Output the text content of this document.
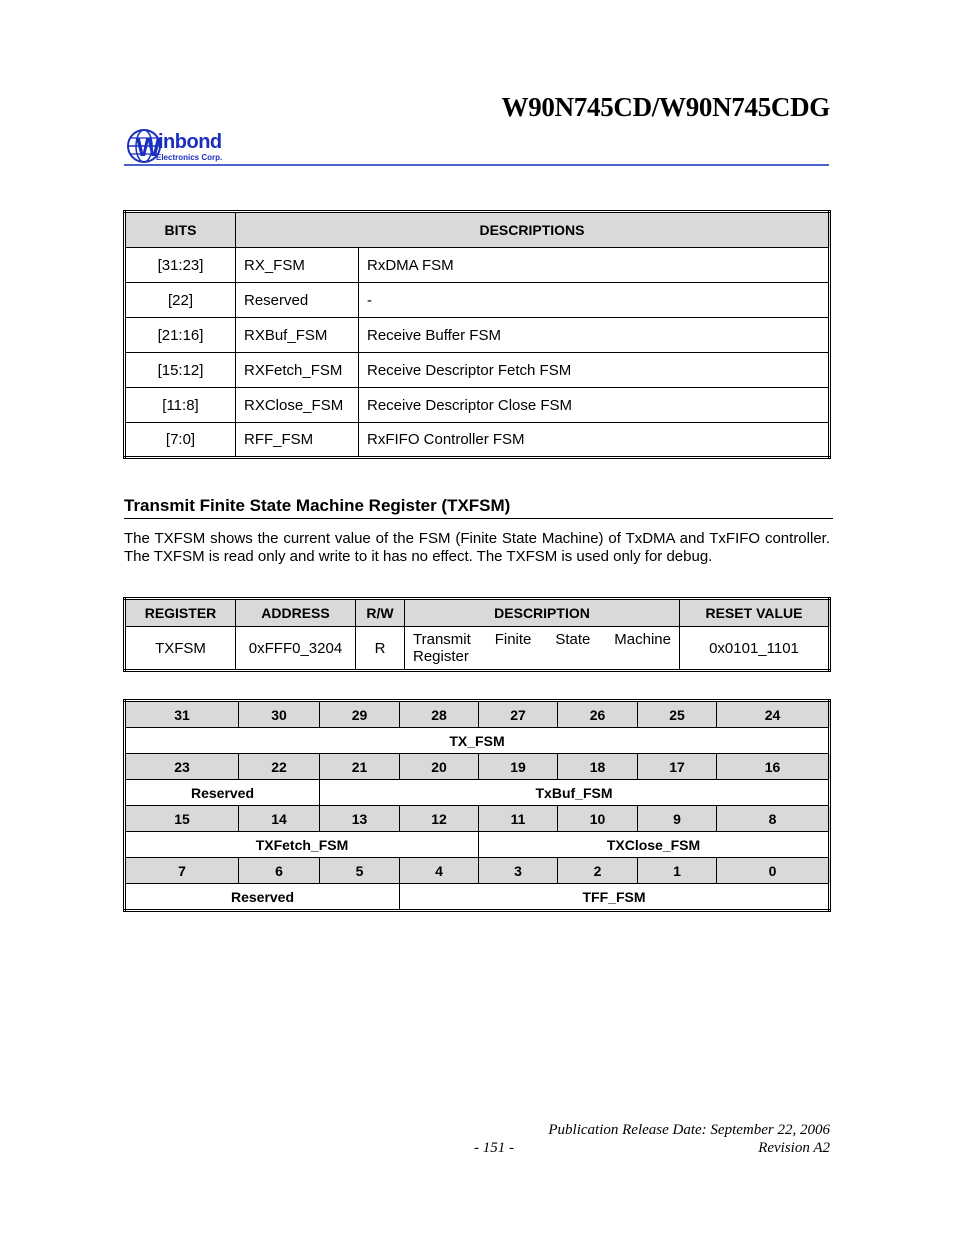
W90N745CD/W90N745CDG
W
inbond
Electronics Corp.
BITS	DESCRIPTIONS	
[31:23]	RX_FSM	RxDMA FSM
[22]	Reserved	-
[21:16]	RXBuf_FSM	Receive Buffer FSM
[15:12]	RXFetch_FSM	Receive Descriptor Fetch FSM
[11:8]	RXClose_FSM	Receive Descriptor Close FSM
[7:0]	RFF_FSM	RxFIFO Controller FSM
Transmit Finite State Machine Register (TXFSM)
The TXFSM shows the current value of the FSM (Finite State Machine) of TxDMA and TxFIFO controller. The TXFSM is read only and write to it has no effect. The TXFSM is used only for debug.
REGISTER	ADDRESS	R/W	DESCRIPTION	RESET VALUE
TXFSM	0xFFF0_3204	R	Transmit Finite State Machine Register	0x0101_1101
31	30	29	28	27	26	25	24
TX_FSM							
23	22	21	20	19	18	17	16
Reserved		TxBuf_FSM					
15	14	13	12	11	10	9	8
TXFetch_FSM				TXClose_FSM			
7	6	5	4	3	2	1	0
Reserved			TFF_FSM				
Publication Release Date: September 22, 2006
- 151 -	Revision A2
